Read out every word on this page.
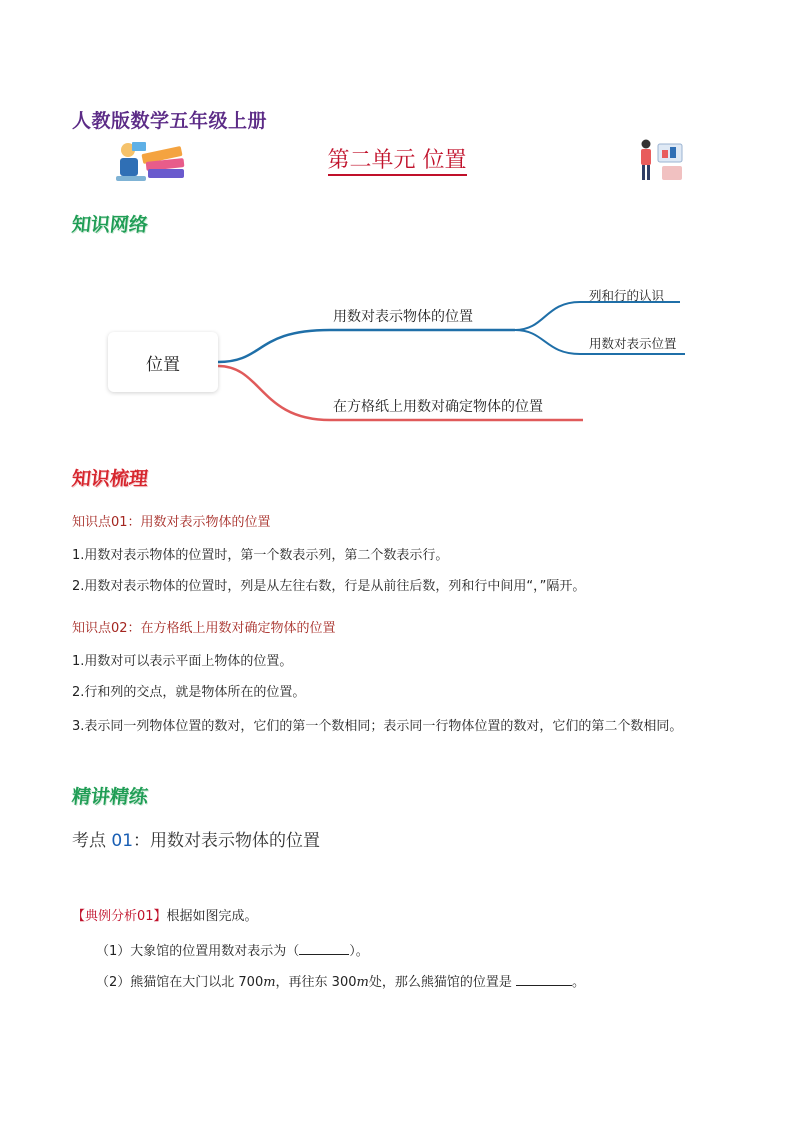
人教版数学五年级上册
第二单元 位置
知识网络
位置
用数对表示物体的位置
列和行的认识
用数对表示位置
在方格纸上用数对确定物体的位置
知识梳理
知识点01：用数对表示物体的位置
1.用数对表示物体的位置时，第一个数表示列，第二个数表示行。
2.用数对表示物体的位置时，列是从左往右数，行是从前往后数，列和行中间用“，”隔开。
知识点02：在方格纸上用数对确定物体的位置
1.用数对可以表示平面上物体的位置。
2.行和列的交点，就是物体所在的位置。
3.表示同一列物体位置的数对，它们的第一个数相同；表示同一行物体位置的数对，它们的第二个数相同。
精讲精练
考点 01：用数对表示物体的位置
【典例分析01】根据如图完成。
（1）大象馆的位置用数对表示为（	）。
（2）熊猫馆在大门以北 700m，再往东 300m处，那么熊猫馆的位置是	。
